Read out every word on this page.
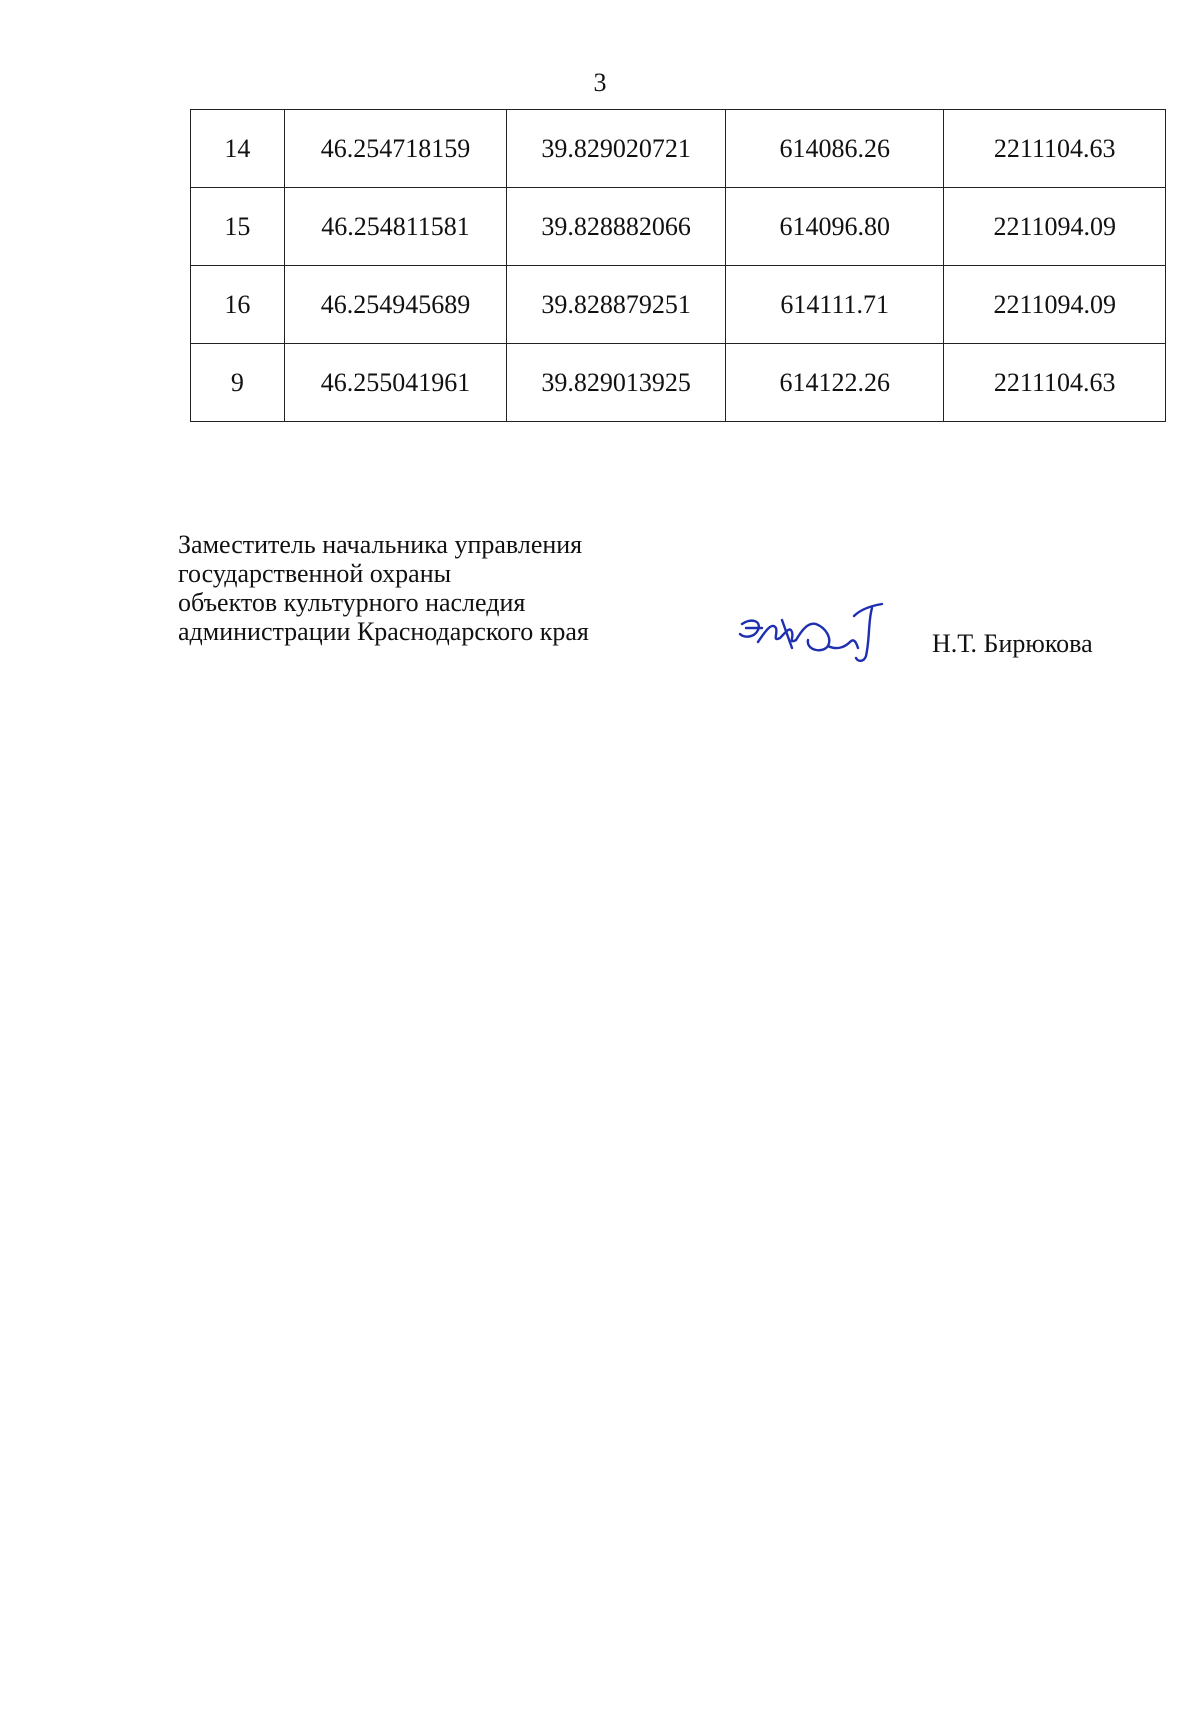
3
14	46.254718159	39.829020721	614086.26	2211104.63
15	46.254811581	39.828882066	614096.80	2211094.09
16	46.254945689	39.828879251	614111.71	2211094.09
9	46.255041961	39.829013925	614122.26	2211104.63
Заместитель начальника управления
государственной охраны
объектов культурного наследия
администрации Краснодарского края	Н.Т. Бирюкова
